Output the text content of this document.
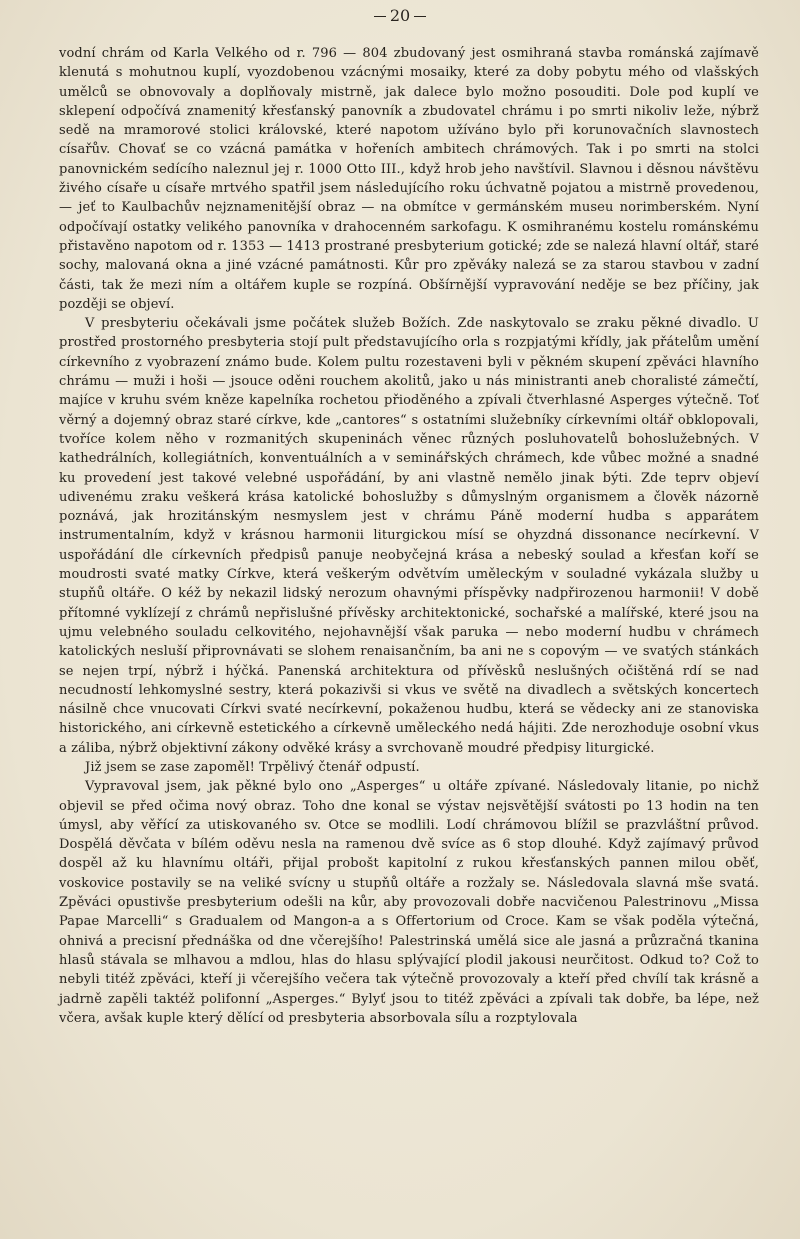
20

vodní chrám od Karla Velkého od r. 796 — 804 zbudovaný jest osmihraná stavba románská zajímavě klenutá s mohutnou kuplí, vyozdobenou vzácnými mosaiky, které za doby pobytu mého od vlašských umělců se obnovovaly a doplňovaly mistrně, jak dalece bylo možno posouditi. Dole pod kuplí ve sklepení odpočívá znamenitý křesťanský panovník a zbudovatel chrámu i po smrti nikoliv leže, nýbrž sedě na mramorové stolici královské, které napotom užíváno bylo při korunovačních slavnostech císařův. Chovať se co vzácná památka v hořeních ambitech chrámových. Tak i po smrti na stolci panovnickém sedícího naleznul jej r. 1000 Otto III., když hrob jeho navštívil. Slavnou i děsnou návštěvu živého císaře u císaře mrtvého spatřil jsem následujícího roku úchvatně pojatou a mistrně provedenou, — jeť to Kaulbachův nejznamenitější obraz — na obmítce v germánském museu norimberském. Nyní odpočívají ostatky velikého panovníka v drahocenném sarkofagu. K osmihranému kostelu románskému přistavěno napotom od r. 1353 — 1413 prostrané presbyterium gotické; zde se nalezá hlavní oltář, staré sochy, malovaná okna a jiné vzácné památnosti. Kůr pro zpěváky nalezá se za starou stavbou v zadní části, tak že mezi ním a oltářem kuple se rozpíná. Obšírnější vypravování neděje se bez příčiny, jak později se objeví.

V presbyteriu očekávali jsme počátek služeb Božích. Zde naskytovalo se zraku pěkné divadlo. U prostřed prostorného presbyteria stojí pult představujícího orla s rozpjatými křídly, jak přátelům umění církevního z vyobrazení známo bude. Kolem pultu rozestaveni byli v pěkném skupení zpěváci hlavního chrámu — muži i hoši — jsouce oděni rouchem akolitů, jako u nás ministranti aneb choralisté zámečtí, majíce v kruhu svém kněze kapelníka rochetou přioděného a zpívali čtverhlasné Asperges výtečně. Toť věrný a dojemný obraz staré církve, kde „cantores“ s ostatními služebníky církevními oltář obklopovali, tvoříce kolem něho v rozmanitých skupeninách věnec různých posluhovatelů bohoslužebných. V kathedrálních, kollegiátních, konventuálních a v seminářských chrámech, kde vůbec možné a snadné ku provedení jest takové velebné uspořádání, by ani vlastně nemělo jinak býti. Zde teprv objeví udivenému zraku veškerá krása katolické bohoslužby s důmyslným organismem a člověk názorně poznává, jak hrozitánským nesmyslem jest v chrámu Páně moderní hudba s apparátem instrumentalním, když v krásnou harmonii liturgickou mísí se ohyzdná dissonance necírkevní. V uspořádání dle církevních předpisů panuje neobyčejná krása a nebeský soulad a křesťan koří se moudrosti svaté matky Církve, která veškerým odvětvím uměleckým v souladné vykázala služby u stupňů oltáře. O kéž by nekazil lidský nerozum ohavnými příspěvky nadpřirozenou harmonii! V době přítomné vyklízejí z chrámů nepřislušné přívěsky architektonické, sochařské a malířské, které jsou na ujmu velebného souladu celkovitého, nejohavnější však paruka — nebo moderní hudbu v chrámech katolických nesluší připrovnávati se slohem renaisančním, ba ani ne s copovým — ve svatých stánkách se nejen trpí, nýbrž i hýčká. Panenská architektura od přívěsků neslušných očištěná rdí se nad necudností lehkomyslné sestry, která pokazivši si vkus ve světě na divadlech a světských koncertech násilně chce vnucovati Církvi svaté necírkevní, pokaženou hudbu, která se vědecky ani ze stanoviska historického, ani církevně estetického a církevně uměleckého nedá hájiti. Zde nerozhoduje osobní vkus a záliba, nýbrž objektivní zákony odvěké krásy a svrchovaně moudré předpisy liturgické.

Již jsem se zase zapoměl! Trpělivý čtenář odpustí.

Vypravoval jsem, jak pěkné bylo ono „Asperges“ u oltáře zpívané. Následovaly litanie, po nichž objevil se před očima nový obraz. Toho dne konal se výstav nejsvětější svátosti po 13 hodin na ten úmysl, aby věřící za utiskovaného sv. Otce se modlili. Lodí chrámovou blížil se prazvláštní průvod. Dospělá děvčata v bílém oděvu nesla na ramenou dvě svíce as 6 stop dlouhé. Když zajímavý průvod dospěl až ku hlavnímu oltáři, přijal probošt kapitolní z rukou křesťanských pannen milou oběť, voskovice postavily se na veliké svícny u stupňů oltáře a rozžaly se. Následovala slavná mše svatá. Zpěváci opustivše presbyterium odešli na kůr, aby provozovali dobře nacvičenou Palestrinovu „Missa Papae Marcelli“ s Gradualem od Mangon-a a s Offertorium od Croce. Kam se však poděla výtečná, ohnivá a precisní přednáška od dne včerejšího! Palestrinská umělá sice ale jasná a průzračná tkanina hlasů stávala se mlhavou a mdlou, hlas do hlasu splývající plodil jakousi neurčitost. Odkud to? Což to nebyli titéž zpěváci, kteří ji včerejšího večera tak výtečně provozovaly a kteří před chvílí tak krásně a jadrně zapěli taktéž polifonní „Asperges.“ Bylyť jsou to titéž zpěváci a zpívali tak dobře, ba lépe, než včera, avšak kuple který dělící od presbyteria absorbovala sílu a rozptylovala
